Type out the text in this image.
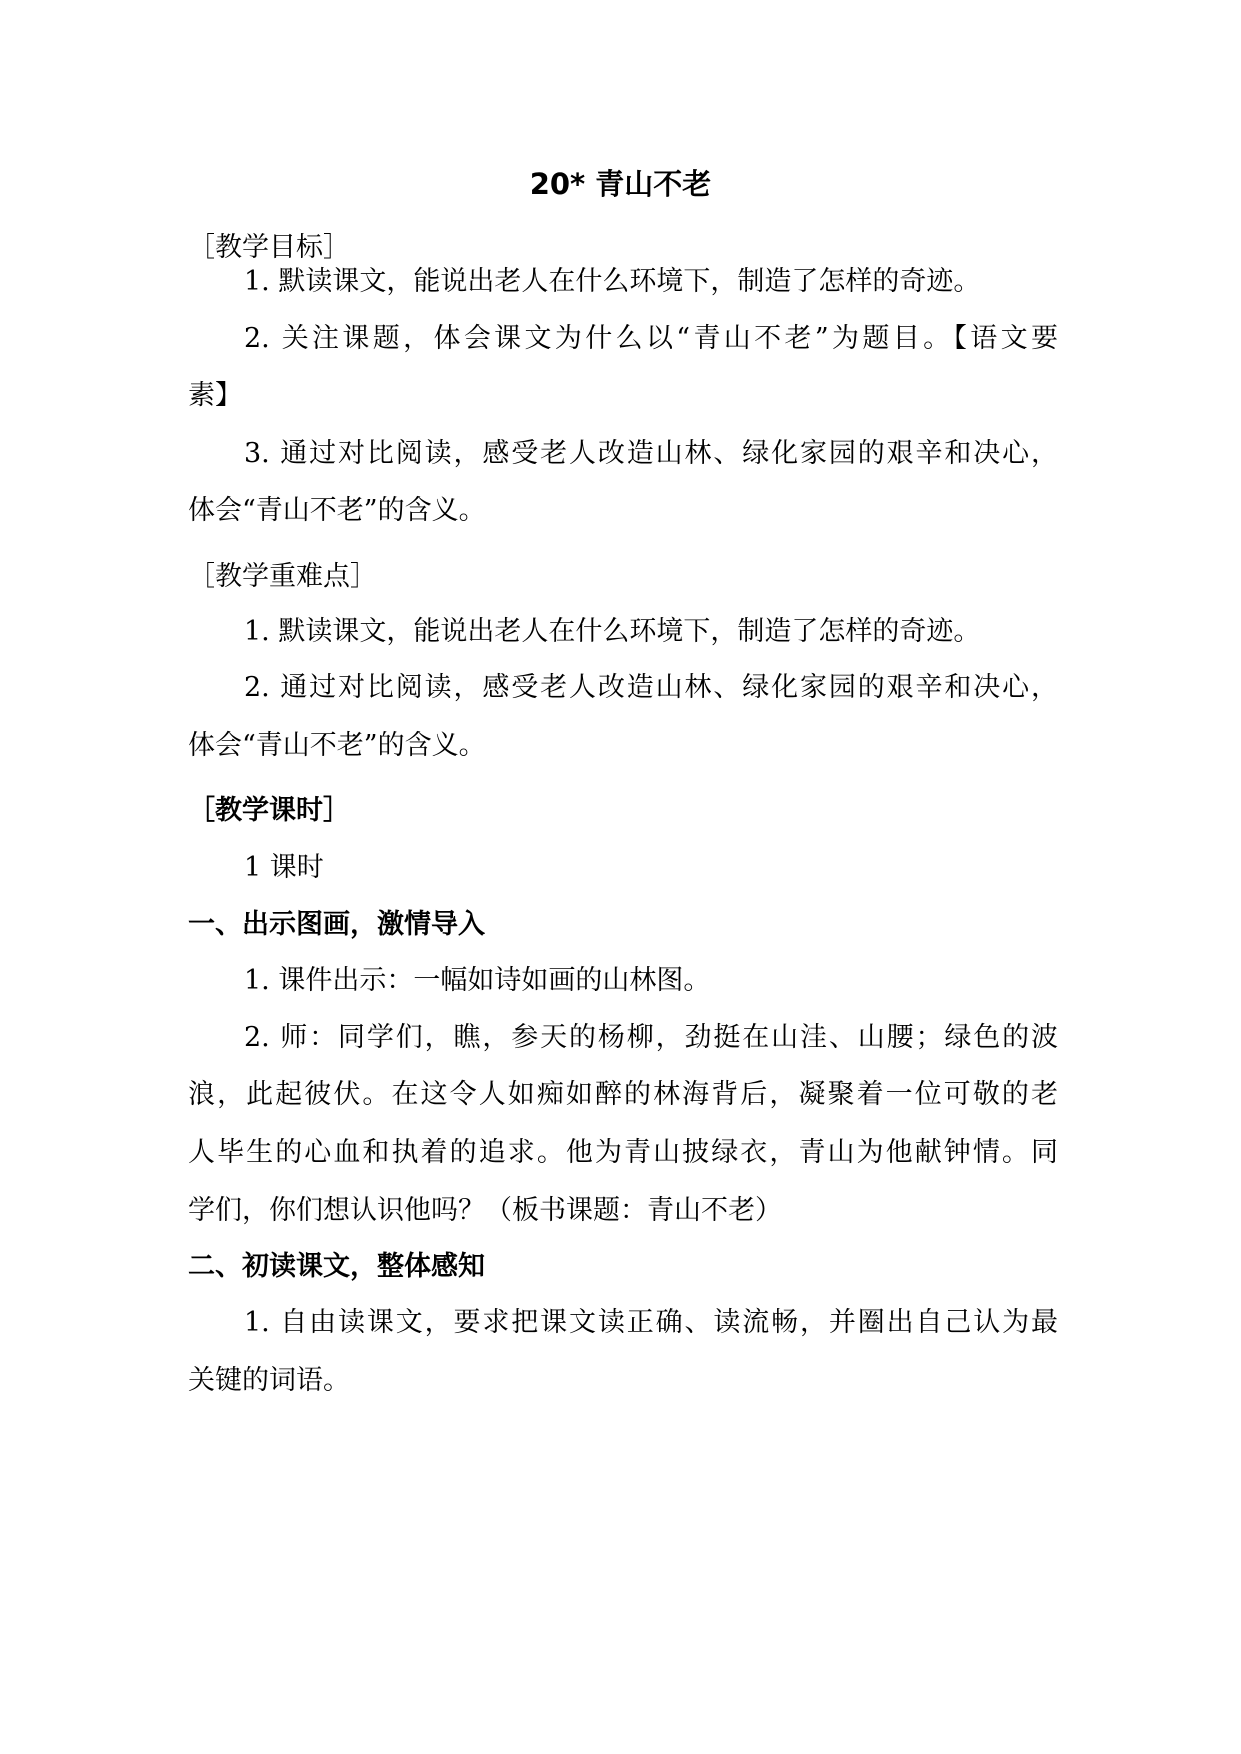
20* 青山不老
［教学目标］
1. 默读课文，能说出老人在什么环境下，制造了怎样的奇迹。
2. 关注课题，体会课文为什么以“青山不老”为题目。【语文要
素】
3. 通过对比阅读，感受老人改造山林、绿化家园的艰辛和决心，
体会“青山不老”的含义。
［教学重难点］
1. 默读课文，能说出老人在什么环境下，制造了怎样的奇迹。
2. 通过对比阅读，感受老人改造山林、绿化家园的艰辛和决心，
体会“青山不老”的含义。
［教学课时］
1 课时
一、出示图画，激情导入
1. 课件出示：一幅如诗如画的山林图。
2. 师：同学们，瞧，参天的杨柳，劲挺在山洼、山腰；绿色的波
浪，此起彼伏。在这令人如痴如醉的林海背后，凝聚着一位可敬的老
人毕生的心血和执着的追求。他为青山披绿衣，青山为他献钟情。同
学们，你们想认识他吗？（板书课题：青山不老）
二、初读课文，整体感知
1. 自由读课文，要求把课文读正确、读流畅，并圈出自己认为最
关键的词语。
